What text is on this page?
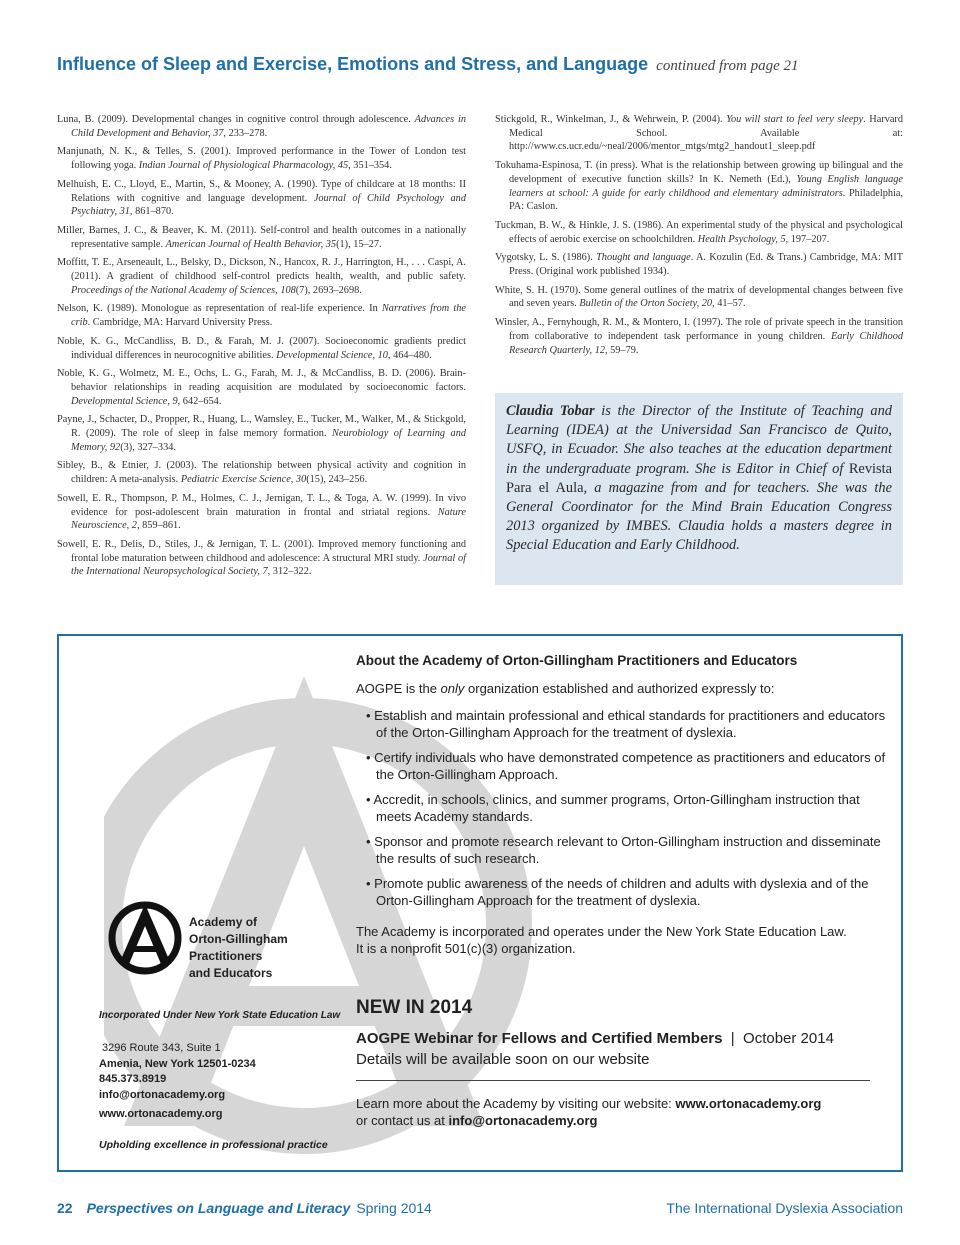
Influence of Sleep and Exercise, Emotions and Stress, and Language continued from page 21
Luna, B. (2009). Developmental changes in cognitive control through adolescence. Advances in Child Development and Behavior, 37, 233–278.
Manjunath, N. K., & Telles, S. (2001). Improved performance in the Tower of London test following yoga. Indian Journal of Physiological Pharmacology, 45, 351–354.
Melhuish, E. C., Lloyd, E., Martin, S., & Mooney, A. (1990). Type of childcare at 18 months: II Relations with cognitive and language development. Journal of Child Psychology and Psychiatry, 31, 861–870.
Miller, Barnes, J. C., & Beaver, K. M. (2011). Self-control and health outcomes in a nationally representative sample. American Journal of Health Behavior, 35(1), 15–27.
Moffitt, T. E., Arseneault, L., Belsky, D., Dickson, N., Hancox, R. J., Harrington, H., . . . Caspi, A. (2011). A gradient of childhood self-control predicts health, wealth, and public safety. Proceedings of the National Academy of Sciences, 108(7), 2693–2698.
Nelson, K. (1989). Monologue as representation of real-life experience. In Narratives from the crib. Cambridge, MA: Harvard University Press.
Noble, K. G., McCandliss, B. D., & Farah, M. J. (2007). Socioeconomic gradients predict individual differences in neurocognitive abilities. Developmental Science, 10, 464–480.
Noble, K. G., Wolmetz, M. E., Ochs, L. G., Farah, M. J., & McCandliss, B. D. (2006). Brain-behavior relationships in reading acquisition are modulated by socioeconomic factors. Developmental Science, 9, 642–654.
Payne, J., Schacter, D., Propper, R., Huang, L., Wamsley, E., Tucker, M., Walker, M., & Stickgold, R. (2009). The role of sleep in false memory formation. Neurobiology of Learning and Memory, 92(3), 327–334.
Sibley, B., & Etnier, J. (2003). The relationship between physical activity and cognition in children: A meta-analysis. Pediatric Exercise Science, 30(15), 243–256.
Sowell, E. R., Thompson, P. M., Holmes, C. J., Jernigan, T. L., & Toga, A. W. (1999). In vivo evidence for post-adolescent brain maturation in frontal and striatal regions. Nature Neuroscience, 2, 859–861.
Sowell, E. R., Delis, D., Stiles, J., & Jernigan, T. L. (2001). Improved memory functioning and frontal lobe maturation between childhood and adolescence: A structural MRI study. Journal of the International Neuropsychological Society, 7, 312–322.
Stickgold, R., Winkelman, J., & Wehrwein, P. (2004). You will start to feel very sleepy. Harvard Medical School. Available at: http://www.cs.ucr.edu/~neal/2006/mentor_mtgs/mtg2_handout1_sleep.pdf
Tokuhama-Espinosa, T. (in press). What is the relationship between growing up bilingual and the development of executive function skills? In K. Nemeth (Ed.), Young English language learners at school: A guide for early childhood and elementary administrators. Philadelphia, PA: Caslon.
Tuckman, B. W., & Hinkle, J. S. (1986). An experimental study of the physical and psychological effects of aerobic exercise on schoolchildren. Health Psychology, 5, 197–207.
Vygotsky, L. S. (1986). Thought and language. A. Kozulin (Ed. & Trans.) Cambridge, MA: MIT Press. (Original work published 1934).
White, S. H. (1970). Some general outlines of the matrix of developmental changes between five and seven years. Bulletin of the Orton Society, 20, 41–57.
Winsler, A., Fernyhough, R. M., & Montero, I. (1997). The role of private speech in the transition from collaborative to independent task performance in young children. Early Childhood Research Quarterly, 12, 59–79.
Claudia Tobar is the Director of the Institute of Teaching and Learning (IDEA) at the Universidad San Francisco de Quito, USFQ, in Ecuador. She also teaches at the education department in the undergraduate program. She is Editor in Chief of Revista Para el Aula, a magazine from and for teachers. She was the General Coordinator for the Mind Brain Education Congress 2013 organized by IMBES. Claudia holds a masters degree in Special Education and Early Childhood.
Academy of
Orton-Gillingham
Practitioners
and Educators
Incorporated Under New York State Education Law
3296 Route 343, Suite 1
Amenia, New York 12501-0234
845.373.8919
info@ortonacademy.org
www.ortonacademy.org
Upholding excellence in professional practice
About the Academy of Orton-Gillingham Practitioners and Educators
AOGPE is the only organization established and authorized expressly to:
• Establish and maintain professional and ethical standards for practitioners and educators of the Orton-Gillingham Approach for the treatment of dyslexia.
• Certify individuals who have demonstrated competence as practitioners and educators of the Orton-Gillingham Approach.
• Accredit, in schools, clinics, and summer programs, Orton-Gillingham instruction that meets Academy standards.
• Sponsor and promote research relevant to Orton-Gillingham instruction and disseminate the results of such research.
• Promote public awareness of the needs of children and adults with dyslexia and of the Orton-Gillingham Approach for the treatment of dyslexia.
The Academy is incorporated and operates under the New York State Education Law.
It is a nonprofit 501(c)(3) organization.
NEW IN 2014
AOGPE Webinar for Fellows and Certified Members  |  October 2014
Details will be available soon on our website
Learn more about the Academy by visiting our website: www.ortonacademy.org
or contact us at info@ortonacademy.org
22 Perspectives on Language and Literacy Spring 2014	The International Dyslexia Association
